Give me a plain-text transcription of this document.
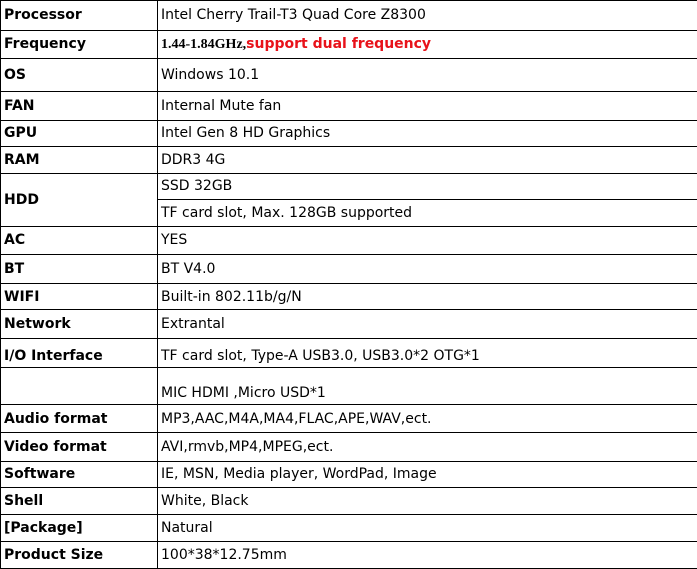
Processor	Intel Cherry Trail-T3 Quad Core Z8300
Frequency	1.44-1.84GHz,support dual frequency
OS	Windows 10.1
FAN	Internal Mute fan
GPU	Intel Gen 8 HD Graphics
RAM	DDR3 4G
HDD	SSD 32GB
	TF card slot, Max. 128GB supported
AC	YES
BT	BT V4.0
WIFI	Built-in 802.11b/g/N
Network	Extrantal
I/O Interface	TF card slot, Type-A USB3.0, USB3.0*2 OTG*1
	MIC HDMI ,Micro USD*1
Audio format	MP3,AAC,M4A,MA4,FLAC,APE,WAV,ect.
Video format	AVI,rmvb,MP4,MPEG,ect.
Software	IE, MSN, Media player, WordPad, Image
Shell	White, Black
[Package]	Natural
Product Size	100*38*12.75mm
